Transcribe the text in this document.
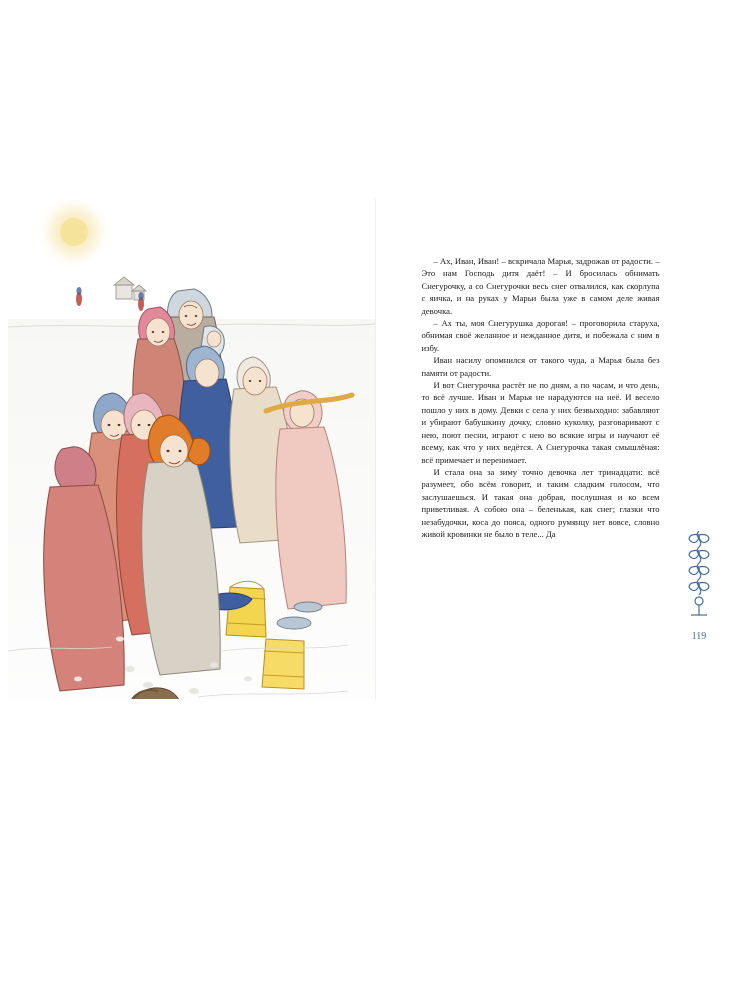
– Ах, Иван, Иван! – вскричала Марья, задрожав от радости. – Это нам Господь дитя даёт! – И бросилась обнимать Снегурочку, а со Снегурочки весь снег отвалился, как скорлупа с яичка, и на руках у Марьи была уже в самом деле живая девочка.

– Ах ты, моя Снегурушка дорогая! – проговорила старуха, обнимая своё желанное и нежданное дитя, и побежала с ним в избу.

Иван насилу опомнился от такого чуда, а Марья была без памяти от радости.

И вот Снегурочка растёт не по дням, а по часам, и что день, то всё лучше. Иван и Марья не нарадуются на неё. И весело пошло у них в дому. Девки с села у них безвыходно: забавляют и убирают бабушкину дочку, словно куколку, разговаривают с нею, поют песни, играют с нею во всякие игры и научают её всему, как что у них ведётся. А Снегурочка такая смышлёная: всё примечает и перенимает.

И стала она за зиму точно девочка лет тринадцати: всё разумеет, обо всём говорит, и таким сладким голосом, что заслушаешься. И такая она добрая, послушная и ко всем приветливая. А собою она – беленькая, как снег; глазки что незабудочки, коса до пояса, одного румянцу нет вовсе, словно живой кровинки не было в теле... Да

119
